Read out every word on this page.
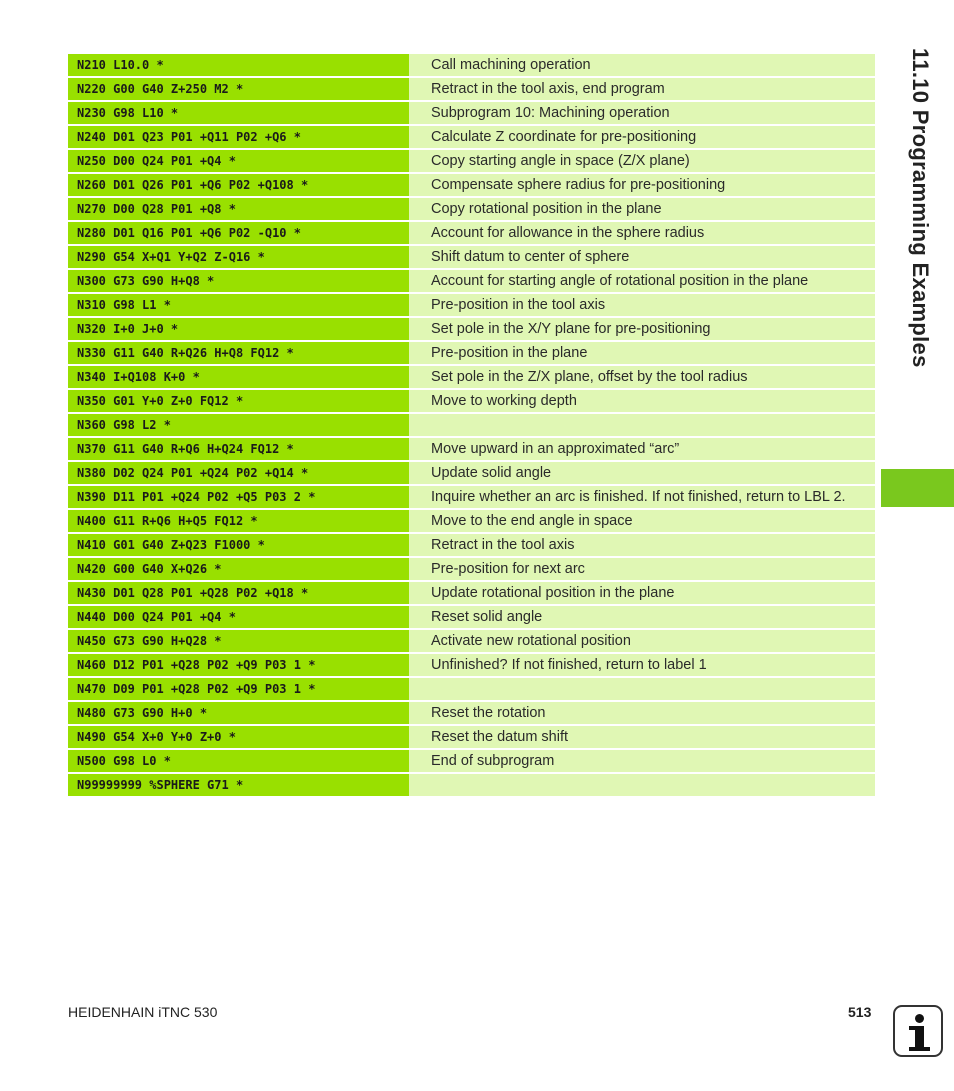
N210 L10.0 *	Call machining operation
N220 G00 G40 Z+250 M2 *	Retract in the tool axis, end program
N230 G98 L10 *	Subprogram 10: Machining operation
N240 D01 Q23 P01 +Q11 P02 +Q6 *	Calculate Z coordinate for pre-positioning
N250 D00 Q24 P01 +Q4 *	Copy starting angle in space (Z/X plane)
N260 D01 Q26 P01 +Q6 P02 +Q108 *	Compensate sphere radius for pre-positioning
N270 D00 Q28 P01 +Q8 *	Copy rotational position in the plane
N280 D01 Q16 P01 +Q6 P02 -Q10 *	Account for allowance in the sphere radius
N290 G54 X+Q1 Y+Q2 Z-Q16 *	Shift datum to center of sphere
N300 G73 G90 H+Q8 *	Account for starting angle of rotational position in the plane
N310 G98 L1 *	Pre-position in the tool axis
N320 I+0 J+0 *	Set pole in the X/Y plane for pre-positioning
N330 G11 G40 R+Q26 H+Q8 FQ12 *	Pre-position in the plane
N340 I+Q108 K+0 *	Set pole in the Z/X plane, offset by the tool radius
N350 G01 Y+0 Z+0 FQ12 *	Move to working depth
N360 G98 L2 *
N370 G11 G40 R+Q6 H+Q24 FQ12 *	Move upward in an approximated “arc”
N380 D02 Q24 P01 +Q24 P02 +Q14 *	Update solid angle
N390 D11 P01 +Q24 P02 +Q5 P03 2 *	Inquire whether an arc is finished. If not finished, return to LBL 2.
N400 G11 R+Q6 H+Q5 FQ12 *	Move to the end angle in space
N410 G01 G40 Z+Q23 F1000 *	Retract in the tool axis
N420 G00 G40 X+Q26 *	Pre-position for next arc
N430 D01 Q28 P01 +Q28 P02 +Q18 *	Update rotational position in the plane
N440 D00 Q24 P01 +Q4 *	Reset solid angle
N450 G73 G90 H+Q28 *	Activate new rotational position
N460 D12 P01 +Q28 P02 +Q9 P03 1 *	Unfinished? If not finished, return to label 1
N470 D09 P01 +Q28 P02 +Q9 P03 1 *
N480 G73 G90 H+0 *	Reset the rotation
N490 G54 X+0 Y+0 Z+0 *	Reset the datum shift
N500 G98 L0 *	End of subprogram
N99999999 %SPHERE G71 *
11.10 Programming Examples
HEIDENHAIN iTNC 530	513
